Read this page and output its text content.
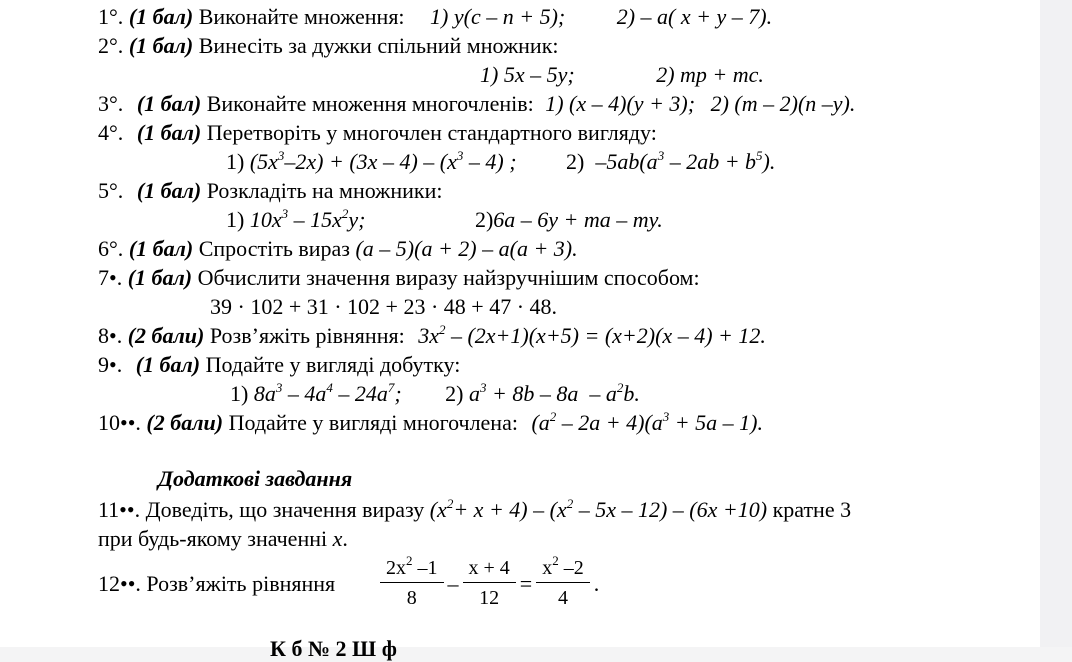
1°. (1 бал) Виконайте множення: 1) y(c – n + 5); 2) – a( x + y – 7).
2°. (1 бал) Винесіть за дужки спільний множник:
1) 5x – 5y;	2) mp + mc.
3°. (1 бал) Виконайте множення многочленів: 1) (x – 4)(y + 3); 2) (m – 2)(n –y).
4°. (1 бал) Перетворіть у многочлен стандартного вигляду:
1) $(5x^3-2x) + (3x - 4) - (x^3 - 4)$ ; 2)  $-5ab(a^3 - 2ab + b^5)$.
5°. (1 бал) Розкладіть на множники:
1) $10x^3 - 15x^2y$;	2)6a – 6y + ma – my.
6°. (1 бал) Спростіть вираз (a – 5)(a + 2) – a(a + 3).
7•. (1 бал) Обчислити значення виразу найзручнішим способом:
39 · 102 + 31 · 102 + 23 · 48 + 47 · 48.
8•. (2 бали) Розв’яжіть рівняння: $3x^2 - (2x+1)(x+5) = (x+2)(x - 4) + 12$.
9•. (1 бал) Подайте у вигляді добутку:
1) $8a^3 - 4a^4 - 24a^7$; 2) $a^3 + 8b - 8a - a^2b$.
10••. (2 бали) Подайте у вигляді многочлена: $(a^2 - 2a + 4)(a^3 + 5a - 1)$.
Додаткові завдання
11••. Доведіть, що значення виразу $(x^2+ x + 4) - (x^2 - 5x - 12) - (6x +10)$ кратне 3
при будь-якому значенні x.
12••. Розв’яжіть рівняння $\frac{2x^2 -1}{8} - \frac{x + 4}{12} = \frac{x^2 -2}{4}$ .
К б № 2 Ш ф
